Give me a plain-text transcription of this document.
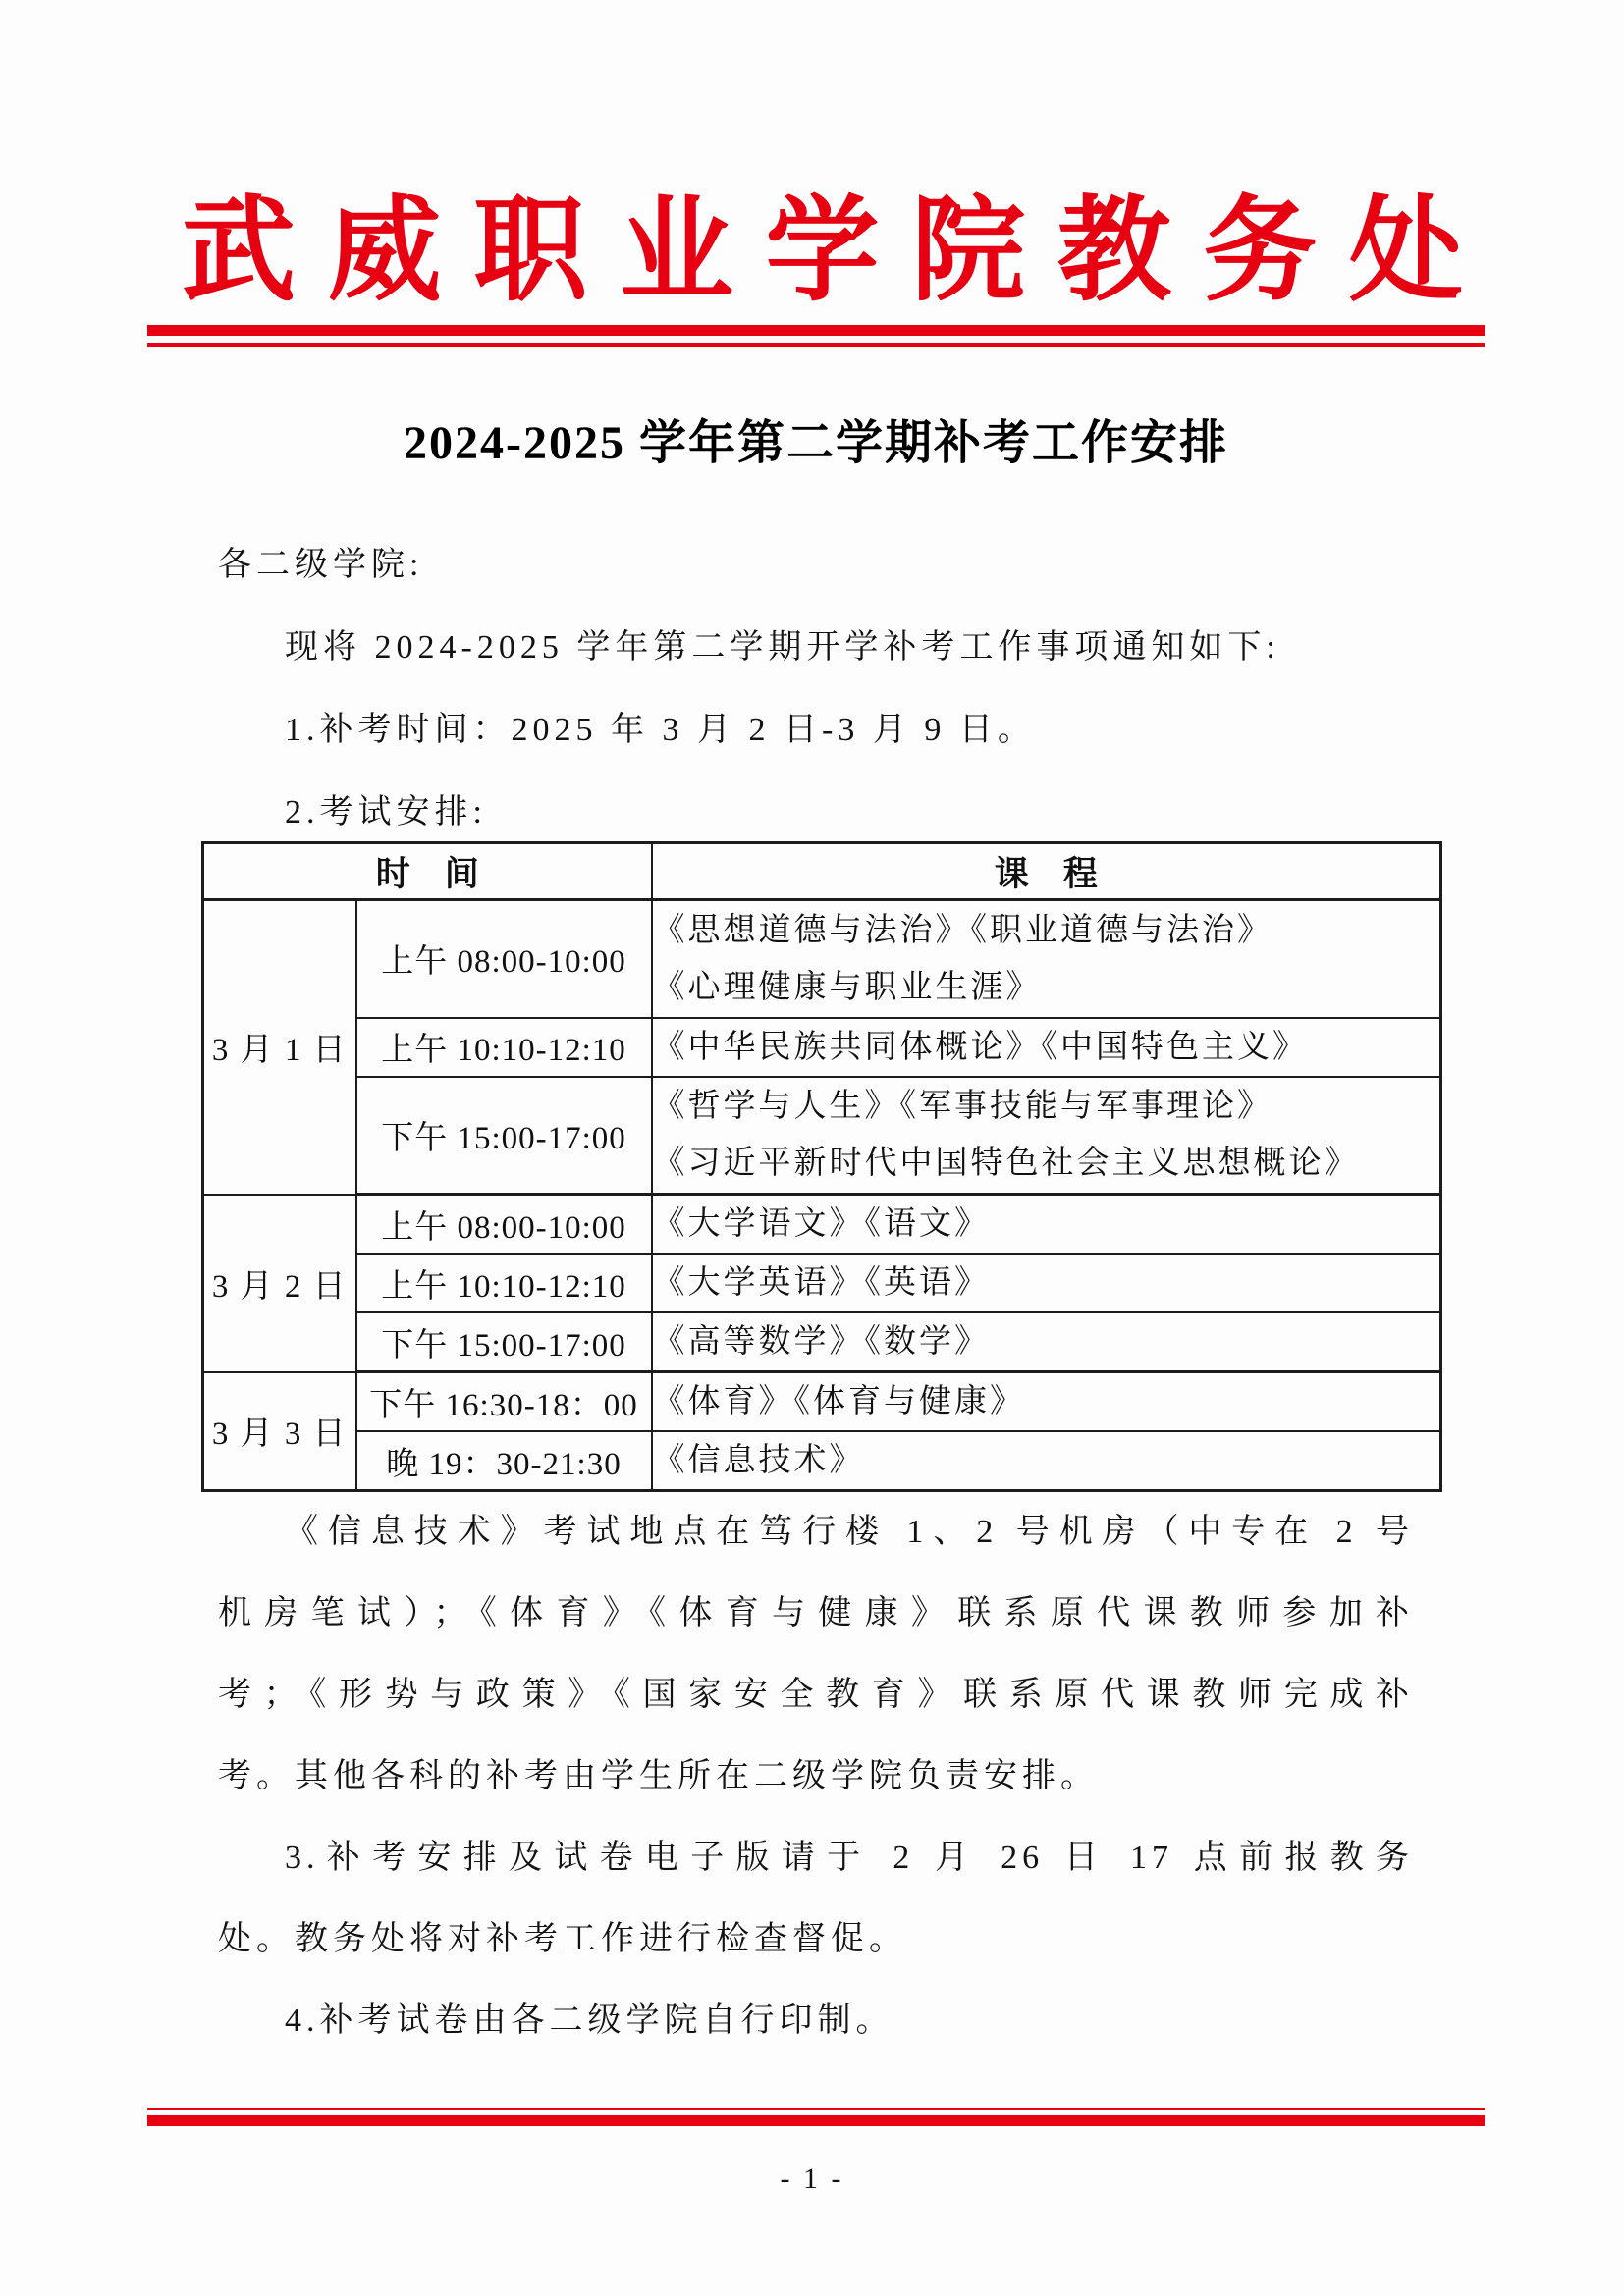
武威职业学院教务处
2024-2025 学年第二学期补考工作安排
各二级学院:
现将 2024-2025 学年第二学期开学补考工作事项通知如下:
1.补考时间：2025 年 3 月 2 日-3 月 9 日。
2.考试安排:
时　间		课　程
3 月 1 日	上午 08:00-10:00	《思想道德与法治》《职业道德与法治》
《心理健康与职业生涯》

	上午 10:10-12:10	《中华民族共同体概论》《中国特色主义》

	下午 15:00-17:00	《哲学与人生》《军事技能与军事理论》
《习近平新时代中国特色社会主义思想概论》

3 月 2 日	上午 08:00-10:00	《大学语文》《语文》

	上午 10:10-12:10	《大学英语》《英语》

	下午 15:00-17:00	《高等数学》《数学》

3 月 3 日	下午 16:30-18：00	《体育》《体育与健康》

	晚 19：30-21:30	《信息技术》
《信息技术》考试地点在笃行楼 1、2 号机房（中专在 2 号
机房笔试）；《体育》《体育与健康》联系原代课教师参加补
考；《形势与政策》《国家安全教育》联系原代课教师完成补
考。其他各科的补考由学生所在二级学院负责安排。
3.补考安排及试卷电子版请于 2 月 26 日 17 点前报教务
处。教务处将对补考工作进行检查督促。
4.补考试卷由各二级学院自行印制。
- 1 -
